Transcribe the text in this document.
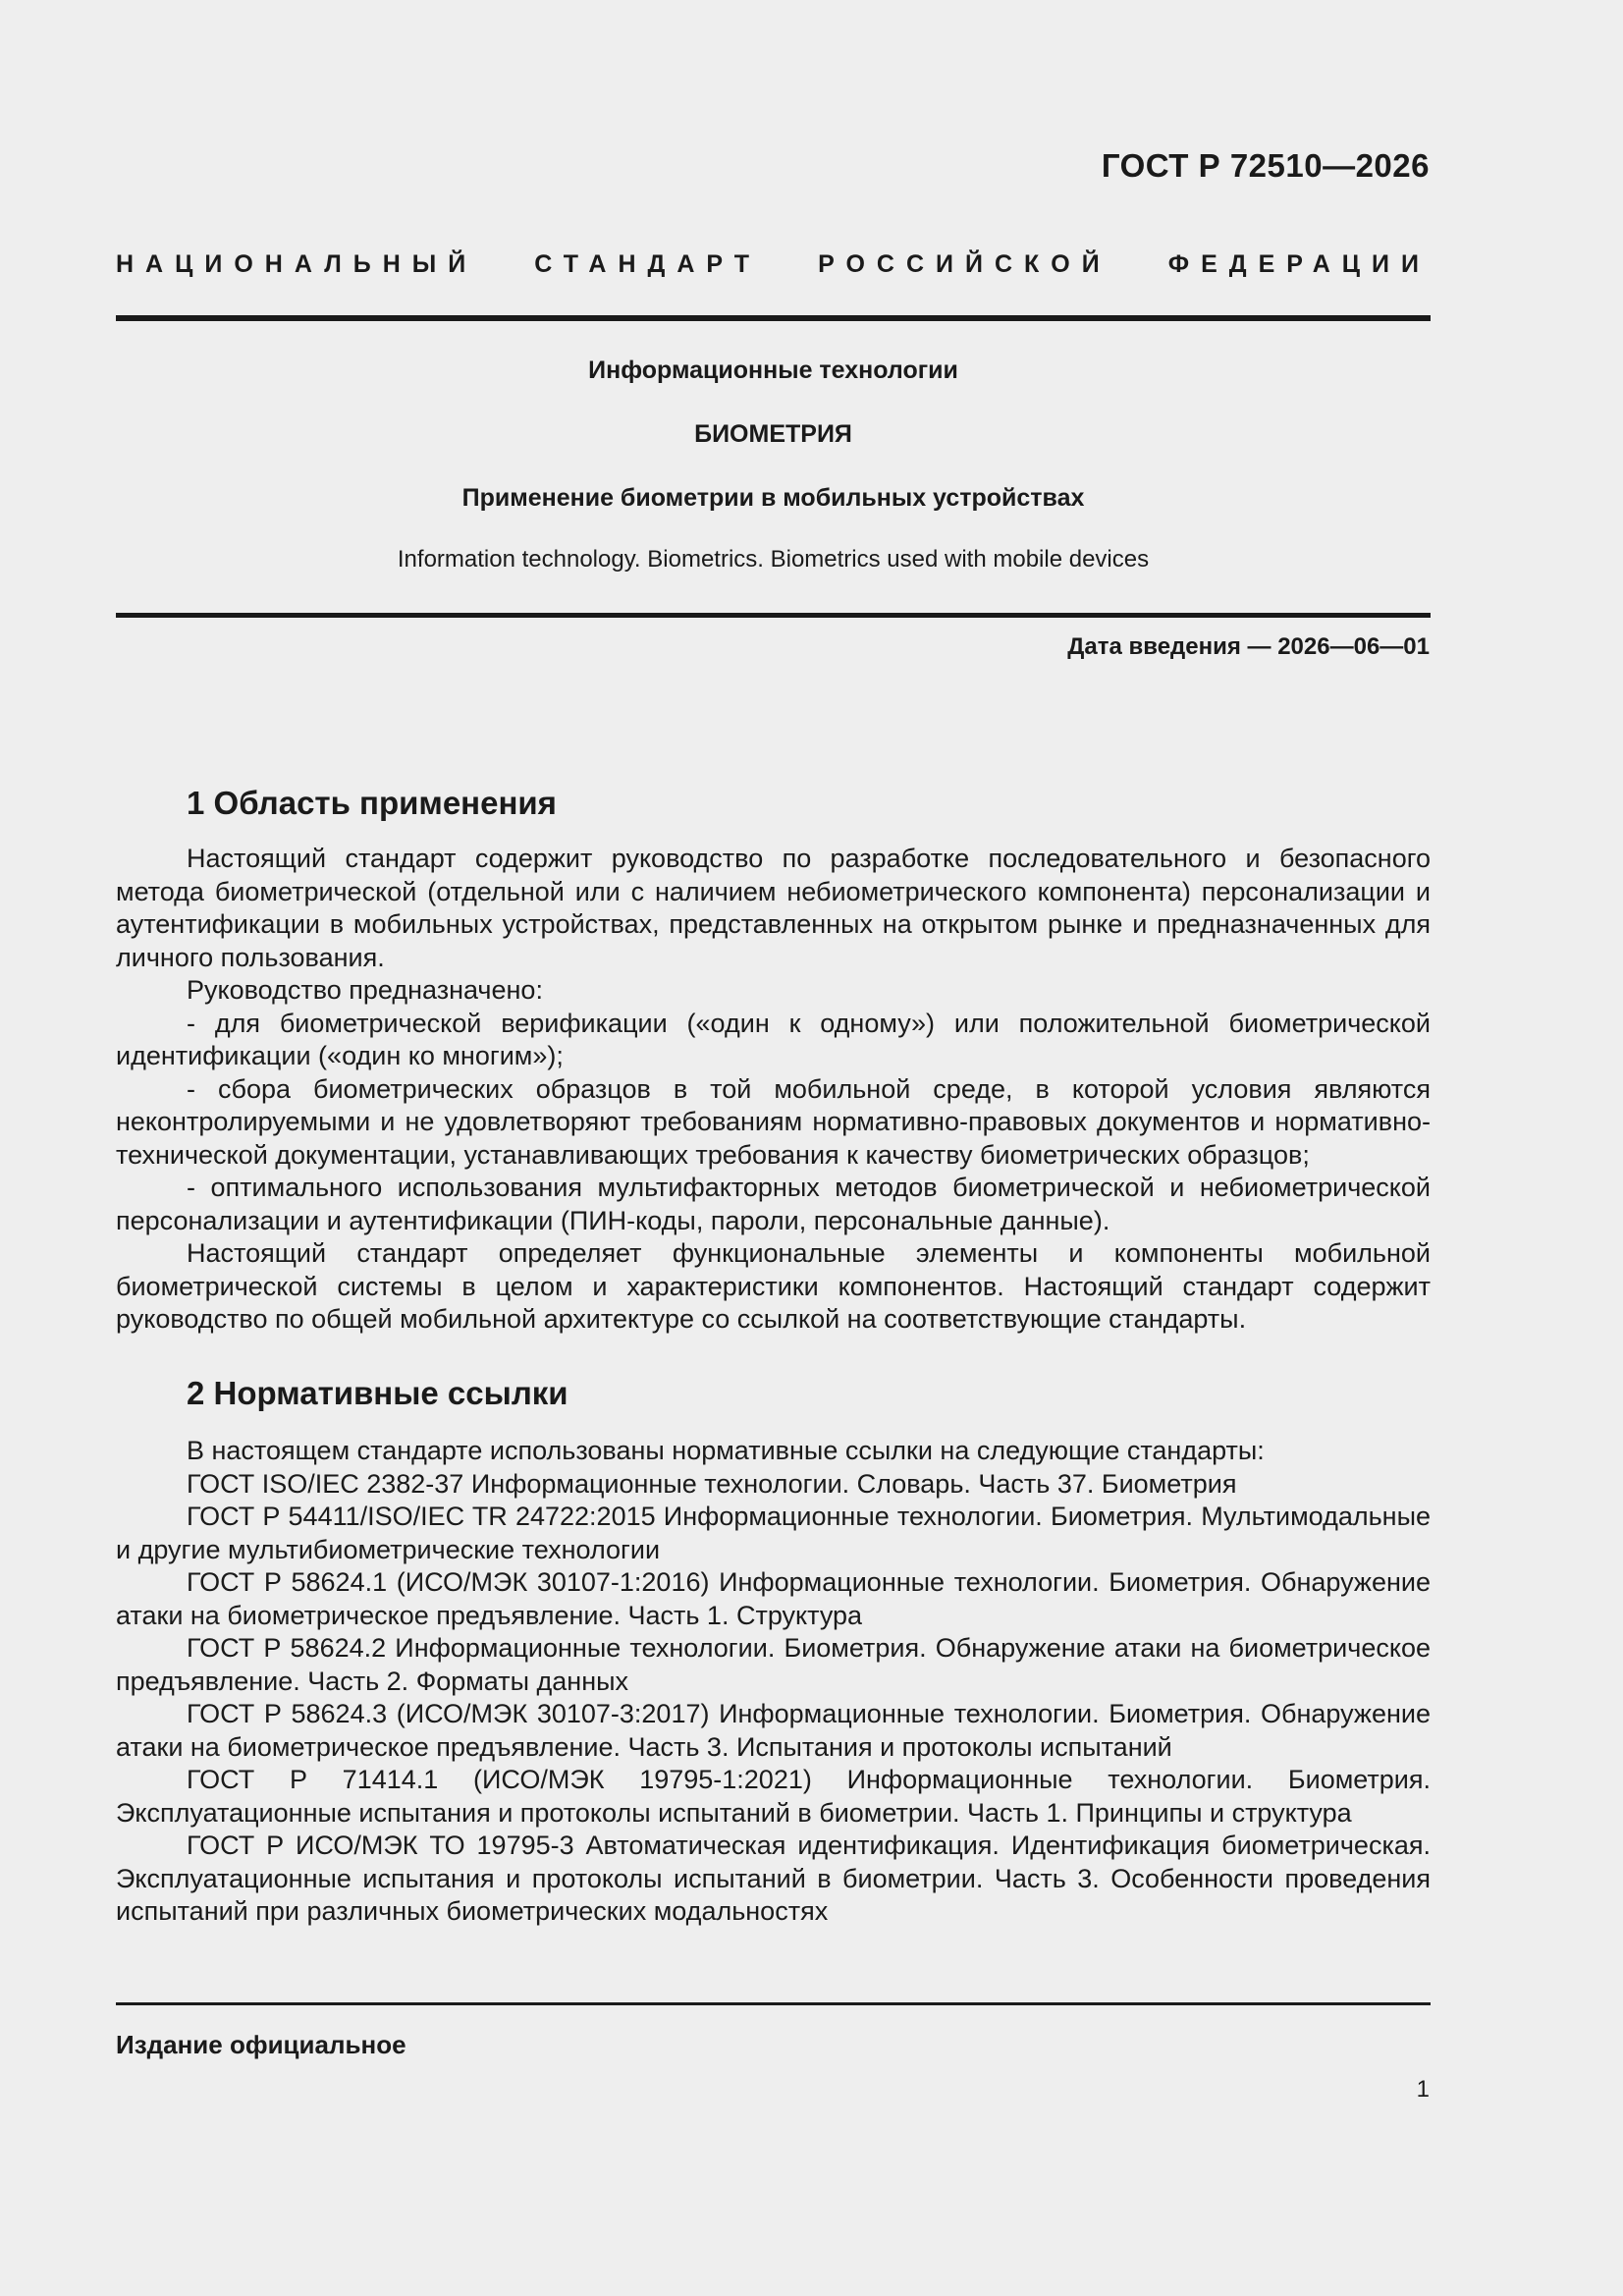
ГОСТ Р 72510—2026
НАЦИОНАЛЬНЫЙ СТАНДАРТ РОССИЙСКОЙ ФЕДЕРАЦИИ
Информационные технологии
БИОМЕТРИЯ
Применение биометрии в мобильных устройствах
Information technology. Biometrics. Biometrics used with mobile devices
Дата введения — 2026—06—01
1 Область применения

Настоящий стандарт содержит руководство по разработке последовательного и безопасного метода биометрической (отдельной или с наличием небиометрического компонента) персонализации и аутентификации в мобильных устройствах, представленных на открытом рынке и предназначенных для личного пользования.

Руководство предназначено:

- для биометрической верификации («один к одному») или положительной биометрической идентификации («один ко многим»);

- сбора биометрических образцов в той мобильной среде, в которой условия являются неконтролируемыми и не удовлетворяют требованиям нормативно-правовых документов и нормативно-технической документации, устанавливающих требования к качеству биометрических образцов;

- оптимального использования мультифакторных методов биометрической и небиометрической персонализации и аутентификации (ПИН-коды, пароли, персональные данные).

Настоящий стандарт определяет функциональные элементы и компоненты мобильной биометрической системы в целом и характеристики компонентов. Настоящий стандарт содержит руководство по общей мобильной архитектуре со ссылкой на соответствующие стандарты.

2 Нормативные ссылки

В настоящем стандарте использованы нормативные ссылки на следующие стандарты:

ГОСТ ISO/IEC 2382-37 Информационные технологии. Словарь. Часть 37. Биометрия

ГОСТ Р 54411/ISO/IEC TR 24722:2015 Информационные технологии. Биометрия. Мультимодальные и другие мультибиометрические технологии

ГОСТ Р 58624.1 (ИСО/МЭК 30107-1:2016) Информационные технологии. Биометрия. Обнаружение атаки на биометрическое предъявление. Часть 1. Структура

ГОСТ Р 58624.2 Информационные технологии. Биометрия. Обнаружение атаки на биометрическое предъявление. Часть 2. Форматы данных

ГОСТ Р 58624.3 (ИСО/МЭК 30107-3:2017) Информационные технологии. Биометрия. Обнаружение атаки на биометрическое предъявление. Часть 3. Испытания и протоколы испытаний

ГОСТ Р 71414.1 (ИСО/МЭК 19795-1:2021) Информационные технологии. Биометрия. Эксплуатационные испытания и протоколы испытаний в биометрии. Часть 1. Принципы и структура

ГОСТ Р ИСО/МЭК ТО 19795-3 Автоматическая идентификация. Идентификация биометрическая. Эксплуатационные испытания и протоколы испытаний в биометрии. Часть 3. Особенности проведения испытаний при различных биометрических модальностях

Издание официальное
1
